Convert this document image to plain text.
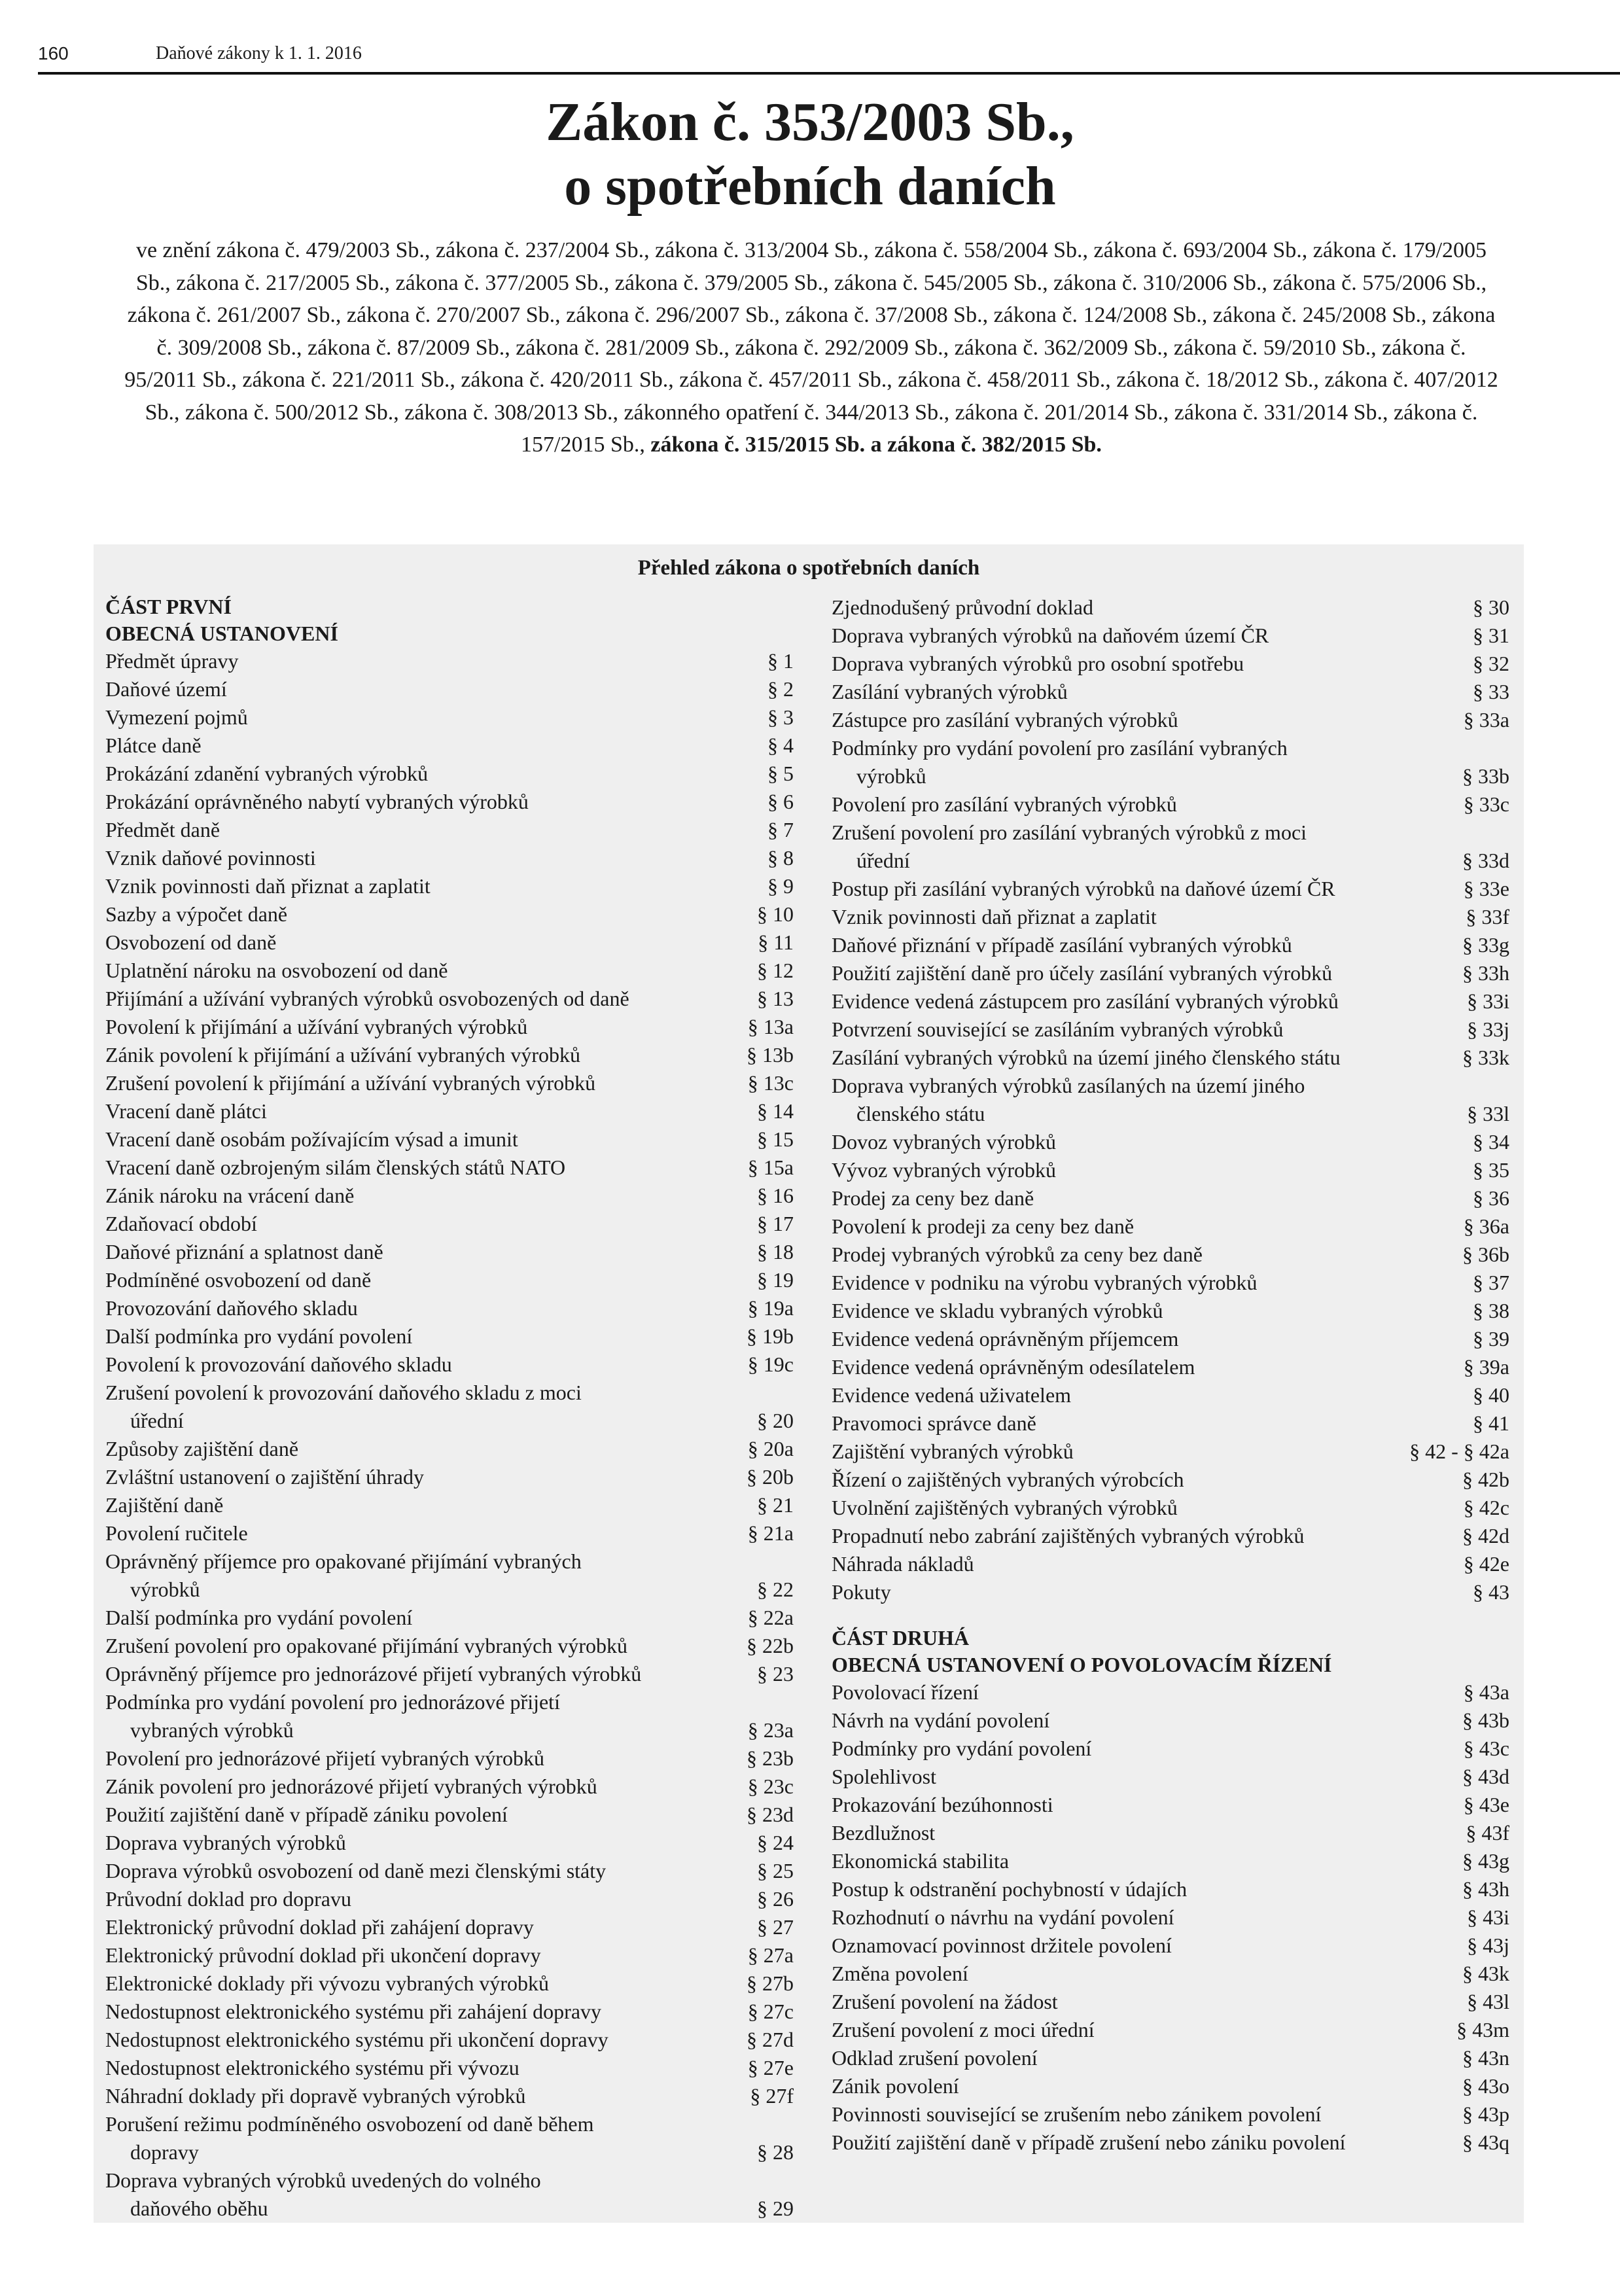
160	Daňové zákony k 1. 1. 2016
Zákon č. 353/2003 Sb.,
o spotřebních daních
ve znění zákona č. 479/2003 Sb., zákona č. 237/2004 Sb., zákona č. 313/2004 Sb., zákona č. 558/2004 Sb., zákona č. 693/2004 Sb., zákona č. 179/2005 Sb., zákona č. 217/2005 Sb., zákona č. 377/2005 Sb., zákona č. 379/2005 Sb., zákona č. 545/2005 Sb., zákona č. 310/2006 Sb., zákona č. 575/2006 Sb., zákona č. 261/2007 Sb., zákona č. 270/2007 Sb., zákona č. 296/2007 Sb., zákona č. 37/2008 Sb., zákona č. 124/2008 Sb., zákona č. 245/2008 Sb., zákona č. 309/2008 Sb., zákona č. 87/2009 Sb., zákona č. 281/2009 Sb., zákona č. 292/2009 Sb., zákona č. 362/2009 Sb., zákona č. 59/2010 Sb., zákona č. 95/2011 Sb., zákona č. 221/2011 Sb., zákona č. 420/2011 Sb., zákona č. 457/2011 Sb., zákona č. 458/2011 Sb., zákona č. 18/2012 Sb., zákona č. 407/2012 Sb., zákona č. 500/2012 Sb., zákona č. 308/2013 Sb., zákonného opatření č. 344/2013 Sb., zákona č. 201/2014 Sb., zákona č. 331/2014 Sb., zákona č. 157/2015 Sb., zákona č. 315/2015 Sb. a zákona č. 382/2015 Sb.
Přehled zákona o spotřebních daních
ČÁST PRVNÍ
OBECNÁ USTANOVENÍ
Předmět úpravy	§ 1
Daňové území	§ 2
Vymezení pojmů	§ 3
Plátce daně	§ 4
Prokázání zdanění vybraných výrobků	§ 5
Prokázání oprávněného nabytí vybraných výrobků	§ 6
Předmět daně	§ 7
Vznik daňové povinnosti	§ 8
Vznik povinnosti daň přiznat a zaplatit	§ 9
Sazby a výpočet daně	§ 10
Osvobození od daně	§ 11
Uplatnění nároku na osvobození od daně	§ 12
Přijímání a užívání vybraných výrobků osvobozených od daně	§ 13
Povolení k přijímání a užívání vybraných výrobků	§ 13a
Zánik povolení k přijímání a užívání vybraných výrobků	§ 13b
Zrušení povolení k přijímání a užívání vybraných výrobků	§ 13c
Vracení daně plátci	§ 14
Vracení daně osobám požívajícím výsad a imunit	§ 15
Vracení daně ozbrojeným silám členských států NATO	§ 15a
Zánik nároku na vrácení daně	§ 16
Zdaňovací období	§ 17
Daňové přiznání a splatnost daně	§ 18
Podmíněné osvobození od daně	§ 19
Provozování daňového skladu	§ 19a
Další podmínka pro vydání povolení	§ 19b
Povolení k provozování daňového skladu	§ 19c
Zrušení povolení k provozování daňového skladu z moci
úřední	§ 20
Způsoby zajištění daně	§ 20a
Zvláštní ustanovení o zajištění úhrady	§ 20b
Zajištění daně	§ 21
Povolení ručitele	§ 21a
Oprávněný příjemce pro opakované přijímání vybraných
výrobků	§ 22
Další podmínka pro vydání povolení	§ 22a
Zrušení povolení pro opakované přijímání vybraných výrobků	§ 22b
Oprávněný příjemce pro jednorázové přijetí vybraných výrobků	§ 23
Podmínka pro vydání povolení pro jednorázové přijetí
vybraných výrobků	§ 23a
Povolení pro jednorázové přijetí vybraných výrobků	§ 23b
Zánik povolení pro jednorázové přijetí vybraných výrobků	§ 23c
Použití zajištění daně v případě zániku povolení	§ 23d
Doprava vybraných výrobků	§ 24
Doprava výrobků osvobození od daně mezi členskými státy	§ 25
Průvodní doklad pro dopravu	§ 26
Elektronický průvodní doklad při zahájení dopravy	§ 27
Elektronický průvodní doklad při ukončení dopravy	§ 27a
Elektronické doklady při vývozu vybraných výrobků	§ 27b
Nedostupnost elektronického systému při zahájení dopravy	§ 27c
Nedostupnost elektronického systému při ukončení dopravy	§ 27d
Nedostupnost elektronického systému při vývozu	§ 27e
Náhradní doklady při dopravě vybraných výrobků	§ 27f
Porušení režimu podmíněného osvobození od daně během
dopravy	§ 28
Doprava vybraných výrobků uvedených do volného
daňového oběhu	§ 29
Zjednodušený průvodní doklad	§ 30
Doprava vybraných výrobků na daňovém území ČR	§ 31
Doprava vybraných výrobků pro osobní spotřebu	§ 32
Zasílání vybraných výrobků	§ 33
Zástupce pro zasílání vybraných výrobků	§ 33a
Podmínky pro vydání povolení pro zasílání vybraných
výrobků	§ 33b
Povolení pro zasílání vybraných výrobků	§ 33c
Zrušení povolení pro zasílání vybraných výrobků z moci
úřední	§ 33d
Postup při zasílání vybraných výrobků na daňové území ČR	§ 33e
Vznik povinnosti daň přiznat a zaplatit	§ 33f
Daňové přiznání v případě zasílání vybraných výrobků	§ 33g
Použití zajištění daně pro účely zasílání vybraných výrobků	§ 33h
Evidence vedená zástupcem pro zasílání vybraných výrobků	§ 33i
Potvrzení související se zasíláním vybraných výrobků	§ 33j
Zasílání vybraných výrobků na území jiného členského státu	§ 33k
Doprava vybraných výrobků zasílaných na území jiného
členského státu	§ 33l
Dovoz vybraných výrobků	§ 34
Vývoz vybraných výrobků	§ 35
Prodej za ceny bez daně	§ 36
Povolení k prodeji za ceny bez daně	§ 36a
Prodej vybraných výrobků za ceny bez daně	§ 36b
Evidence v podniku na výrobu vybraných výrobků	§ 37
Evidence ve skladu vybraných výrobků	§ 38
Evidence vedená oprávněným příjemcem	§ 39
Evidence vedená oprávněným odesílatelem	§ 39a
Evidence vedená uživatelem	§ 40
Pravomoci správce daně	§ 41
Zajištění vybraných výrobků	§ 42 - § 42a
Řízení o zajištěných vybraných výrobcích	§ 42b
Uvolnění zajištěných vybraných výrobků	§ 42c
Propadnutí nebo zabrání zajištěných vybraných výrobků	§ 42d
Náhrada nákladů	§ 42e
Pokuty	§ 43
ČÁST DRUHÁ
OBECNÁ USTANOVENÍ O POVOLOVACÍM ŘÍZENÍ
Povolovací řízení	§ 43a
Návrh na vydání povolení	§ 43b
Podmínky pro vydání povolení	§ 43c
Spolehlivost	§ 43d
Prokazování bezúhonnosti	§ 43e
Bezdlužnost	§ 43f
Ekonomická stabilita	§ 43g
Postup k odstranění pochybností v údajích	§ 43h
Rozhodnutí o návrhu na vydání povolení	§ 43i
Oznamovací povinnost držitele povolení	§ 43j
Změna povolení	§ 43k
Zrušení povolení na žádost	§ 43l
Zrušení povolení z moci úřední	§ 43m
Odklad zrušení povolení	§ 43n
Zánik povolení	§ 43o
Povinnosti související se zrušením nebo zánikem povolení	§ 43p
Použití zajištění daně v případě zrušení nebo zániku povolení	§ 43q
